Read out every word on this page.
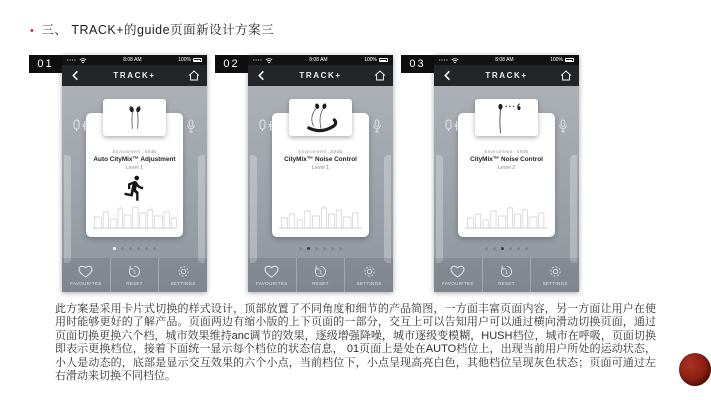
• 三、 TRACK+的guide页面新设计方案三
01	••••	8:08 AM	100%
TRACK+
Environment : 59dB
Auto CityMix™ Adjustment
Level 1
FAVOURITES
1
RESET	SETTINGS
02	••••	8:08 AM	100%
TRACK+
Environment : 59dB
CityMix™ Noise Control
Level 1
FAVOURITES
1
RESET	SETTINGS
03	••••	8:08 AM	100%
TRACK+
Environment : 59dB
CityMix™ Noise Control
Level 2
FAVOURITES
1
RESET	SETTINGS
此方案是采用卡片式切换的样式设计，顶部放置了不同角度和细节的产品简图，一方面丰富页面内容，另一方面让用户在使用时能够更好的了解产品。页面两边有缩小版的上下页面的一部分，交互上可以告知用户可以通过横向滑动切换页面，通过页面切换更换六个档，城市效果维持anc调节的效果，逐级增强降噪，城市逐级变模糊，HUSH档位，城市在呼吸，页面切换即表示更换档位，接着下面统一显示每个档位的状态信息， 01页面上是处在AUTO档位上，出现当前用户所处的运动状态，小人是动态的，底部是显示交互效果的六个小点，当前档位下，小点呈现高亮白色，其他档位呈现灰色状态；页面可通过左右滑动来切换不同档位。
